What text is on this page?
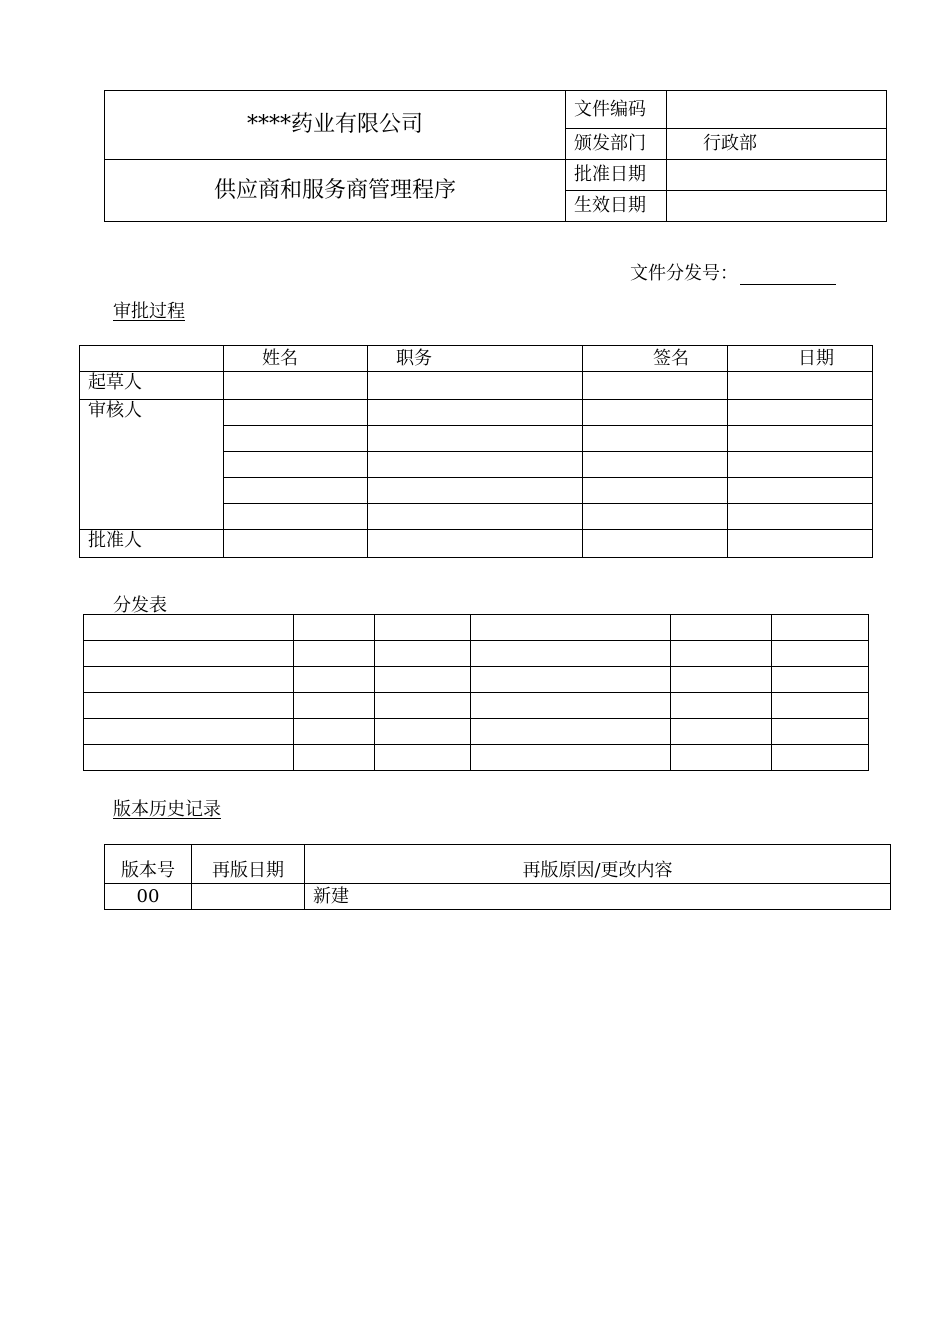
****药业有限公司	文件编码	
	颁发部门	行政部
供应商和服务商管理程序	批准日期	
	生效日期	
文件分发号：
审批过程
	姓名	职务	签名	日期
起草人				
审核人				

批准人				
分发表

版本历史记录
版本号	再版日期	再版原因/更改内容
00		新建
